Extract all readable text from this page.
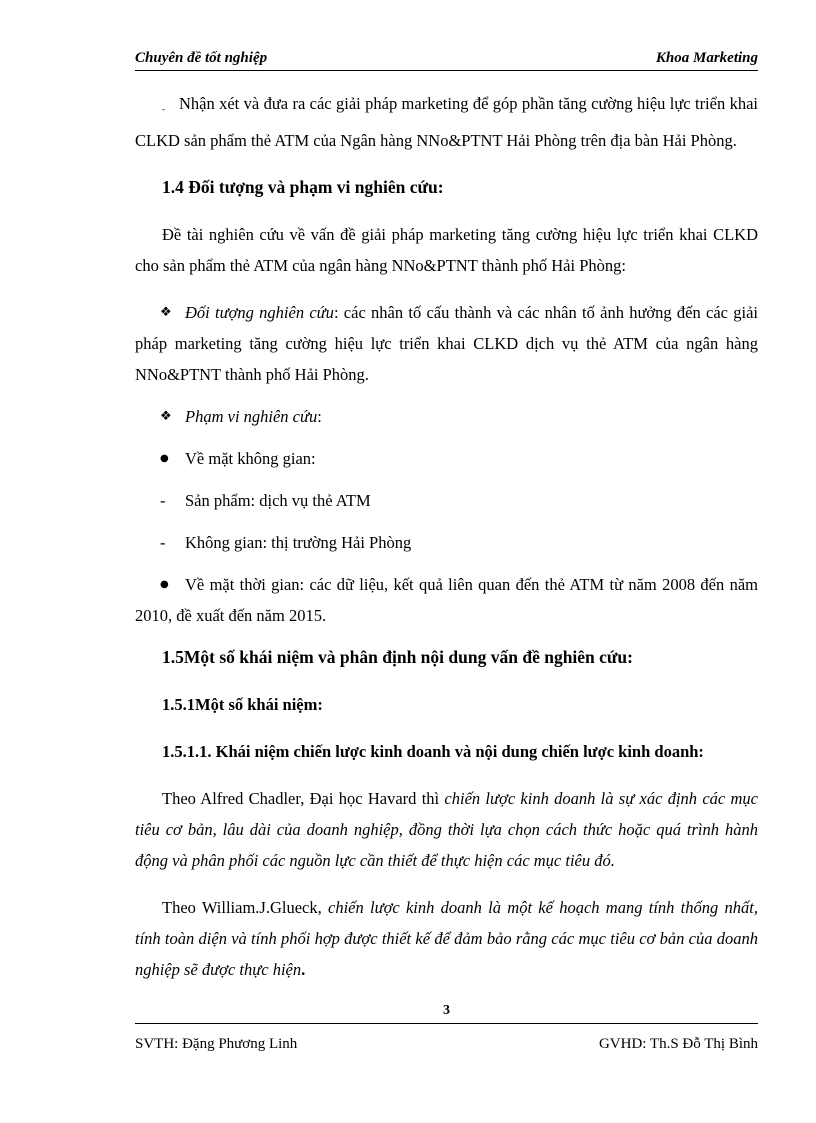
Chuyên đề tốt nghiệp	Khoa Marketing

- Nhận xét và đưa ra các giải pháp marketing để góp phần tăng cường hiệu lực triển khai CLKD sản phẩm thẻ ATM của Ngân hàng NNo&PTNT Hải Phòng trên địa bàn Hải Phòng.

1.4 Đối tượng và phạm vi nghiên cứu:

Đề tài nghiên cứu về vấn đề giải pháp marketing tăng cường hiệu lực triển khai CLKD cho sản phẩm thẻ ATM của ngân hàng NNo&PTNT thành phố Hải Phòng:

❖ Đối tượng nghiên cứu: các nhân tố cấu thành và các nhân tố ảnh hưởng đến các giải pháp marketing tăng cường hiệu lực triển khai CLKD dịch vụ thẻ ATM của ngân hàng NNo&PTNT thành phố Hải Phòng.

❖ Phạm vi nghiên cứu:
● Về mặt không gian:
- Sản phẩm: dịch vụ thẻ ATM
- Không gian: thị trường Hải Phòng

● Về mặt thời gian: các dữ liệu, kết quả liên quan đến thẻ ATM từ năm 2008 đến năm 2010, đề xuất đến năm 2015.

1.5Một số khái niệm và phân định nội dung vấn đề nghiên cứu:
1.5.1Một số khái niệm:
1.5.1.1. Khái niệm chiến lược kinh doanh và nội dung chiến lược kinh doanh:

Theo Alfred Chadler, Đại học Havard thì chiến lược kinh doanh là sự xác định các mục tiêu cơ bản, lâu dài của doanh nghiệp, đồng thời lựa chọn cách thức hoặc quá trình hành động và phân phối các nguồn lực cần thiết để thực hiện các mục tiêu đó.

Theo William.J.Glueck, chiến lược kinh doanh là một kế hoạch mang tính thống nhất, tính toàn diện và tính phối hợp được thiết kế để đảm bảo rằng các mục tiêu cơ bản của doanh nghiệp sẽ được thực hiện.

3
SVTH: Đặng Phương Linh	GVHD: Th.S Đỗ Thị Bình
